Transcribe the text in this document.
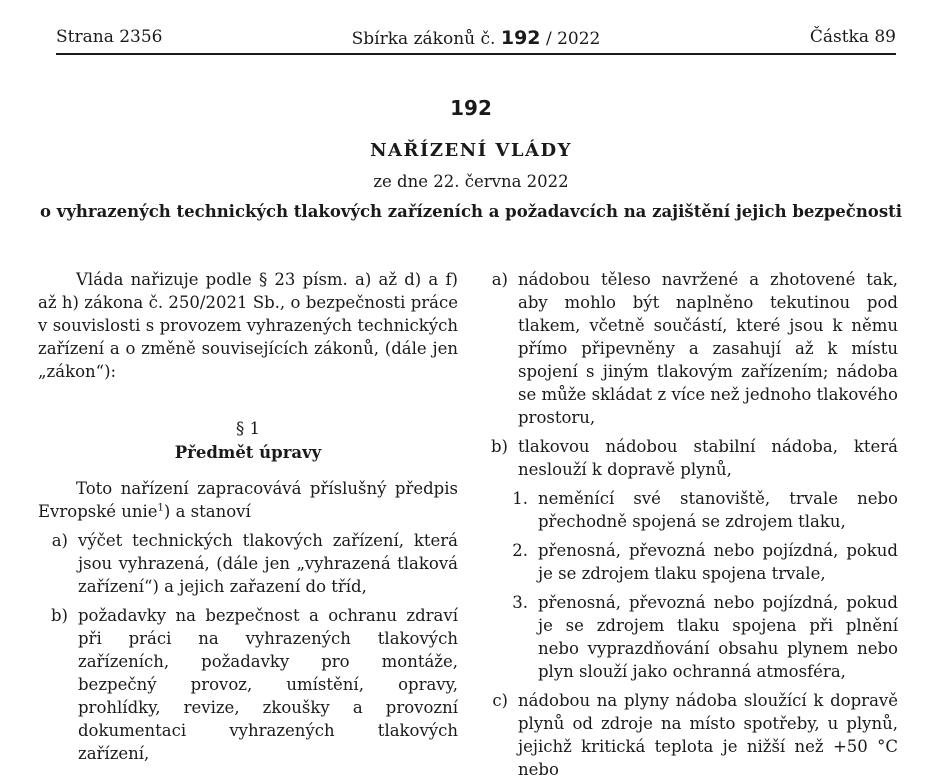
Strana 2356	Sbírka zákonů č. 192 / 2022	Částka 89
192
NAŘÍZENÍ VLÁDY
ze dne 22. června 2022
o vyhrazených technických tlakových zařízeních a požadavcích na zajištění jejich bezpečnosti

Vláda nařizuje podle § 23 písm. a) až d) a f) až h) zákona č. 250/2021 Sb., o bezpečnosti práce v souvislosti s provozem vyhrazených technických zařízení a o změně souvisejících zákonů, (dále jen „zákon“):

§ 1

Předmět úpravy

Toto nařízení zapracovává příslušný předpis Evropské unie$^1$) a stanoví

a) výčet technických tlakových zařízení, která jsou vyhrazená, (dále jen „vyhrazená tlaková zařízení“) a jejich zařazení do tříd,
b) požadavky na bezpečnost a ochranu zdraví při práci na vyhrazených tlakových zařízeních, požadavky pro montáže, bezpečný provoz, umístění, opravy, prohlídky, revize, zkoušky a provozní dokumentaci vyhrazených tlakových zařízení,
a) nádobou těleso navržené a zhotovené tak, aby mohlo být naplněno tekutinou pod tlakem, včetně součástí, které jsou k němu přímo připevněny a zasahují až k místu spojení s jiným tlakovým zařízením; nádoba se může skládat z více než jednoho tlakového prostoru,
b) tlakovou nádobou stabilní nádoba, která neslouží k dopravě plynů,
1. neměnící své stanoviště, trvale nebo přechodně spojená se zdrojem tlaku,
2. přenosná, převozná nebo pojízdná, pokud je se zdrojem tlaku spojena trvale,
3. přenosná, převozná nebo pojízdná, pokud je se zdrojem tlaku spojena při plnění nebo vyprazdňování obsahu plynem nebo plyn slouží jako ochranná atmosféra,
c) nádobou na plyny nádoba sloužící k dopravě plynů od zdroje na místo spotřeby, u plynů, jejichž kritická teplota je nižší než +50 °C nebo
